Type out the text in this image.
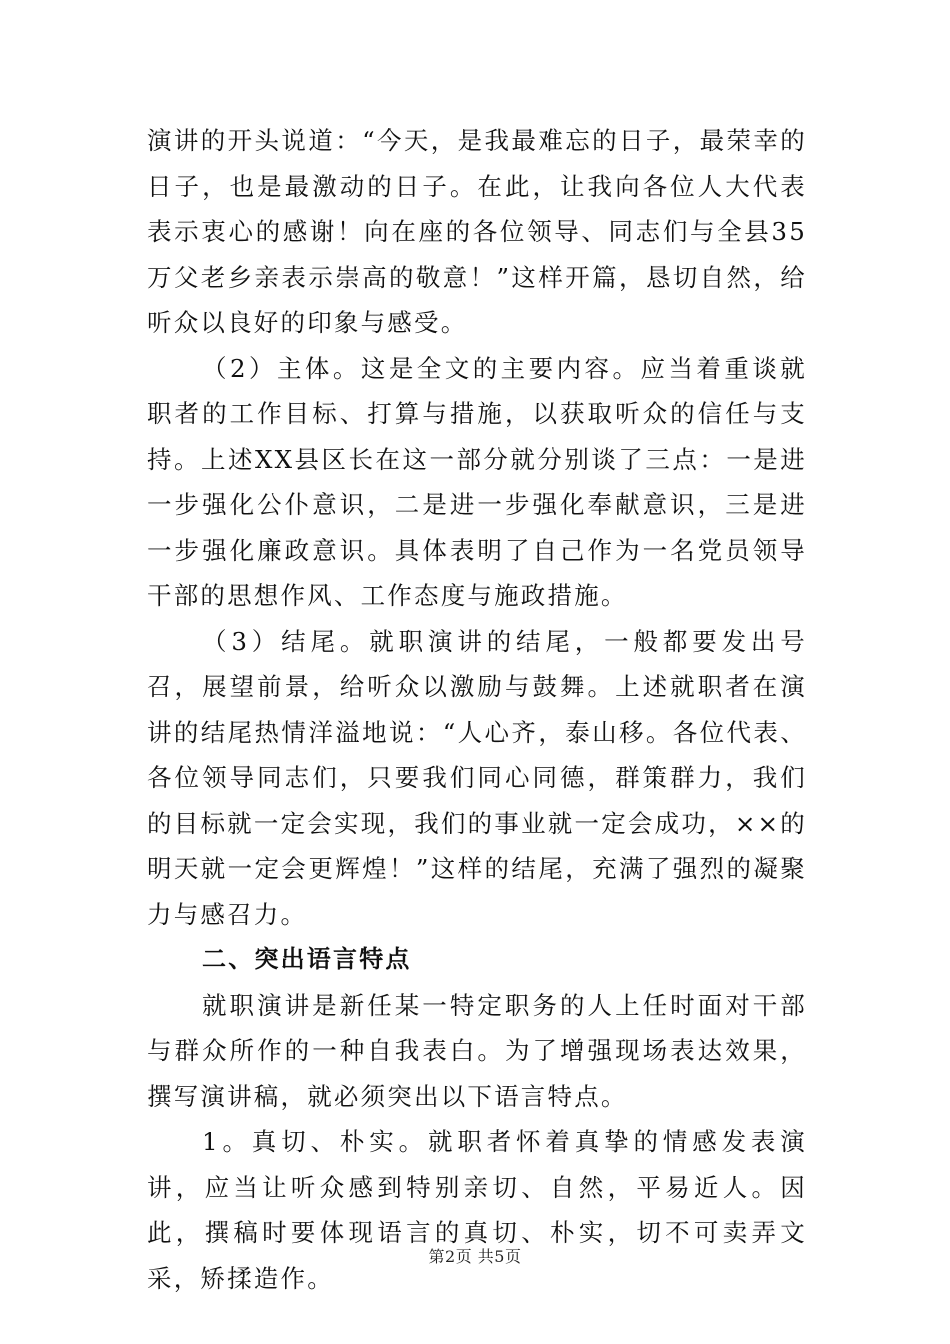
演讲的开头说道：“今天，是我最难忘的日子，最荣幸的日子，也是最激动的日子。在此，让我向各位人大代表表示衷心的感谢！向在座的各位领导、同志们与全县35万父老乡亲表示崇高的敬意！”这样开篇，恳切自然，给听众以良好的印象与感受。

（2）主体。这是全文的主要内容。应当着重谈就职者的工作目标、打算与措施，以获取听众的信任与支持。上述XX县区长在这一部分就分别谈了三点：一是进一步强化公仆意识，二是进一步强化奉献意识，三是进一步强化廉政意识。具体表明了自己作为一名党员领导干部的思想作风、工作态度与施政措施。

（3）结尾。就职演讲的结尾，一般都要发出号召，展望前景，给听众以激励与鼓舞。上述就职者在演讲的结尾热情洋溢地说：“人心齐，泰山移。各位代表、各位领导同志们，只要我们同心同德，群策群力，我们的目标就一定会实现，我们的事业就一定会成功，××的明天就一定会更辉煌！”这样的结尾，充满了强烈的凝聚力与感召力。

二、突出语言特点

就职演讲是新任某一特定职务的人上任时面对干部与群众所作的一种自我表白。为了增强现场表达效果，撰写演讲稿，就必须突出以下语言特点。

1。真切、朴实。就职者怀着真挚的情感发表演讲，应当让听众感到特别亲切、自然，平易近人。因此，撰稿时要体现语言的真切、朴实，切不可卖弄文采，矫揉造作。

第2页 共5页
